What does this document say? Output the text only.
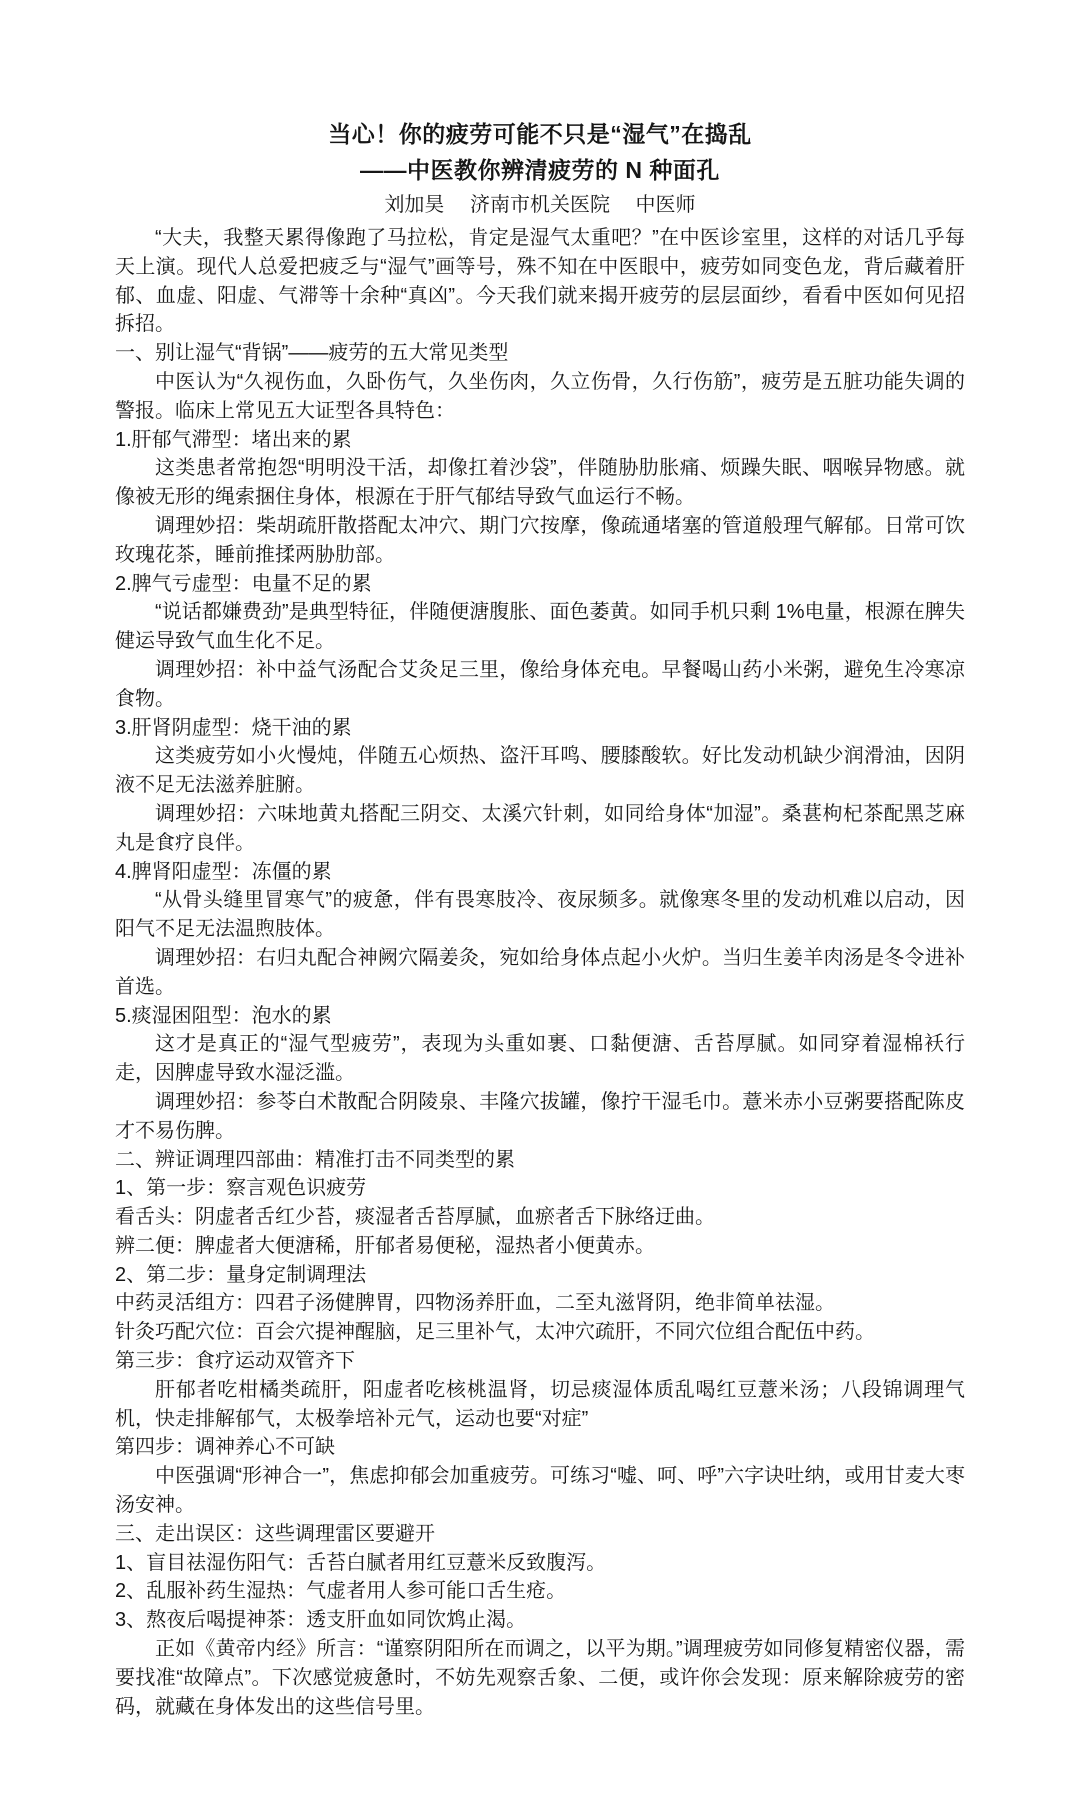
当心！你的疲劳可能不只是“湿气”在捣乱

——中医教你辨清疲劳的 N 种面孔

刘加昊　 济南市机关医院　 中医师

“大夫，我整天累得像跑了马拉松，肯定是湿气太重吧？”在中医诊室里，这样的对话几乎每天上演。现代人总爱把疲乏与“湿气”画等号，殊不知在中医眼中，疲劳如同变色龙，背后藏着肝郁、血虚、阳虚、气滞等十余种“真凶”。今天我们就来揭开疲劳的层层面纱，看看中医如何见招拆招。

一、别让湿气“背锅”——疲劳的五大常见类型

中医认为“久视伤血，久卧伤气，久坐伤肉，久立伤骨，久行伤筋”，疲劳是五脏功能失调的警报。临床上常见五大证型各具特色：

1.肝郁气滞型：堵出来的累

这类患者常抱怨“明明没干活，却像扛着沙袋”，伴随胁肋胀痛、烦躁失眠、咽喉异物感。就像被无形的绳索捆住身体，根源在于肝气郁结导致气血运行不畅。

调理妙招：柴胡疏肝散搭配太冲穴、期门穴按摩，像疏通堵塞的管道般理气解郁。日常可饮玫瑰花茶，睡前推揉两胁肋部。

2.脾气亏虚型：电量不足的累

“说话都嫌费劲”是典型特征，伴随便溏腹胀、面色萎黄。如同手机只剩 1%电量，根源在脾失健运导致气血生化不足。

调理妙招：补中益气汤配合艾灸足三里，像给身体充电。早餐喝山药小米粥，避免生冷寒凉食物。

3.肝肾阴虚型：烧干油的累

这类疲劳如小火慢炖，伴随五心烦热、盗汗耳鸣、腰膝酸软。好比发动机缺少润滑油，因阴液不足无法滋养脏腑。

调理妙招：六味地黄丸搭配三阴交、太溪穴针刺，如同给身体“加湿”。桑葚枸杞茶配黑芝麻丸是食疗良伴。

4.脾肾阳虚型：冻僵的累

“从骨头缝里冒寒气”的疲惫，伴有畏寒肢冷、夜尿频多。就像寒冬里的发动机难以启动，因阳气不足无法温煦肢体。

调理妙招：右归丸配合神阙穴隔姜灸，宛如给身体点起小火炉。当归生姜羊肉汤是冬令进补首选。

5.痰湿困阻型：泡水的累

这才是真正的“湿气型疲劳”，表现为头重如裹、口黏便溏、舌苔厚腻。如同穿着湿棉袄行走，因脾虚导致水湿泛滥。

调理妙招：参苓白术散配合阴陵泉、丰隆穴拔罐，像拧干湿毛巾。薏米赤小豆粥要搭配陈皮才不易伤脾。

二、辨证调理四部曲：精准打击不同类型的累

1、第一步：察言观色识疲劳

看舌头：阴虚者舌红少苔，痰湿者舌苔厚腻，血瘀者舌下脉络迂曲。

辨二便：脾虚者大便溏稀，肝郁者易便秘，湿热者小便黄赤。

2、第二步：量身定制调理法

中药灵活组方：四君子汤健脾胃，四物汤养肝血，二至丸滋肾阴，绝非简单祛湿。

针灸巧配穴位：百会穴提神醒脑，足三里补气，太冲穴疏肝，不同穴位组合配伍中药。

第三步：食疗运动双管齐下

肝郁者吃柑橘类疏肝，阳虚者吃核桃温肾，切忌痰湿体质乱喝红豆薏米汤；八段锦调理气机，快走排解郁气，太极拳培补元气，运动也要“对症”

第四步：调神养心不可缺

中医强调“形神合一”，焦虑抑郁会加重疲劳。可练习“嘘、呵、呼”六字诀吐纳，或用甘麦大枣汤安神。

三、走出误区：这些调理雷区要避开

1、盲目祛湿伤阳气：舌苔白腻者用红豆薏米反致腹泻。

2、乱服补药生湿热：气虚者用人参可能口舌生疮。

3、熬夜后喝提神茶：透支肝血如同饮鸩止渴。

正如《黄帝内经》所言：“谨察阴阳所在而调之，以平为期。”调理疲劳如同修复精密仪器，需要找准“故障点”。下次感觉疲惫时，不妨先观察舌象、二便，或许你会发现：原来解除疲劳的密码，就藏在身体发出的这些信号里。
